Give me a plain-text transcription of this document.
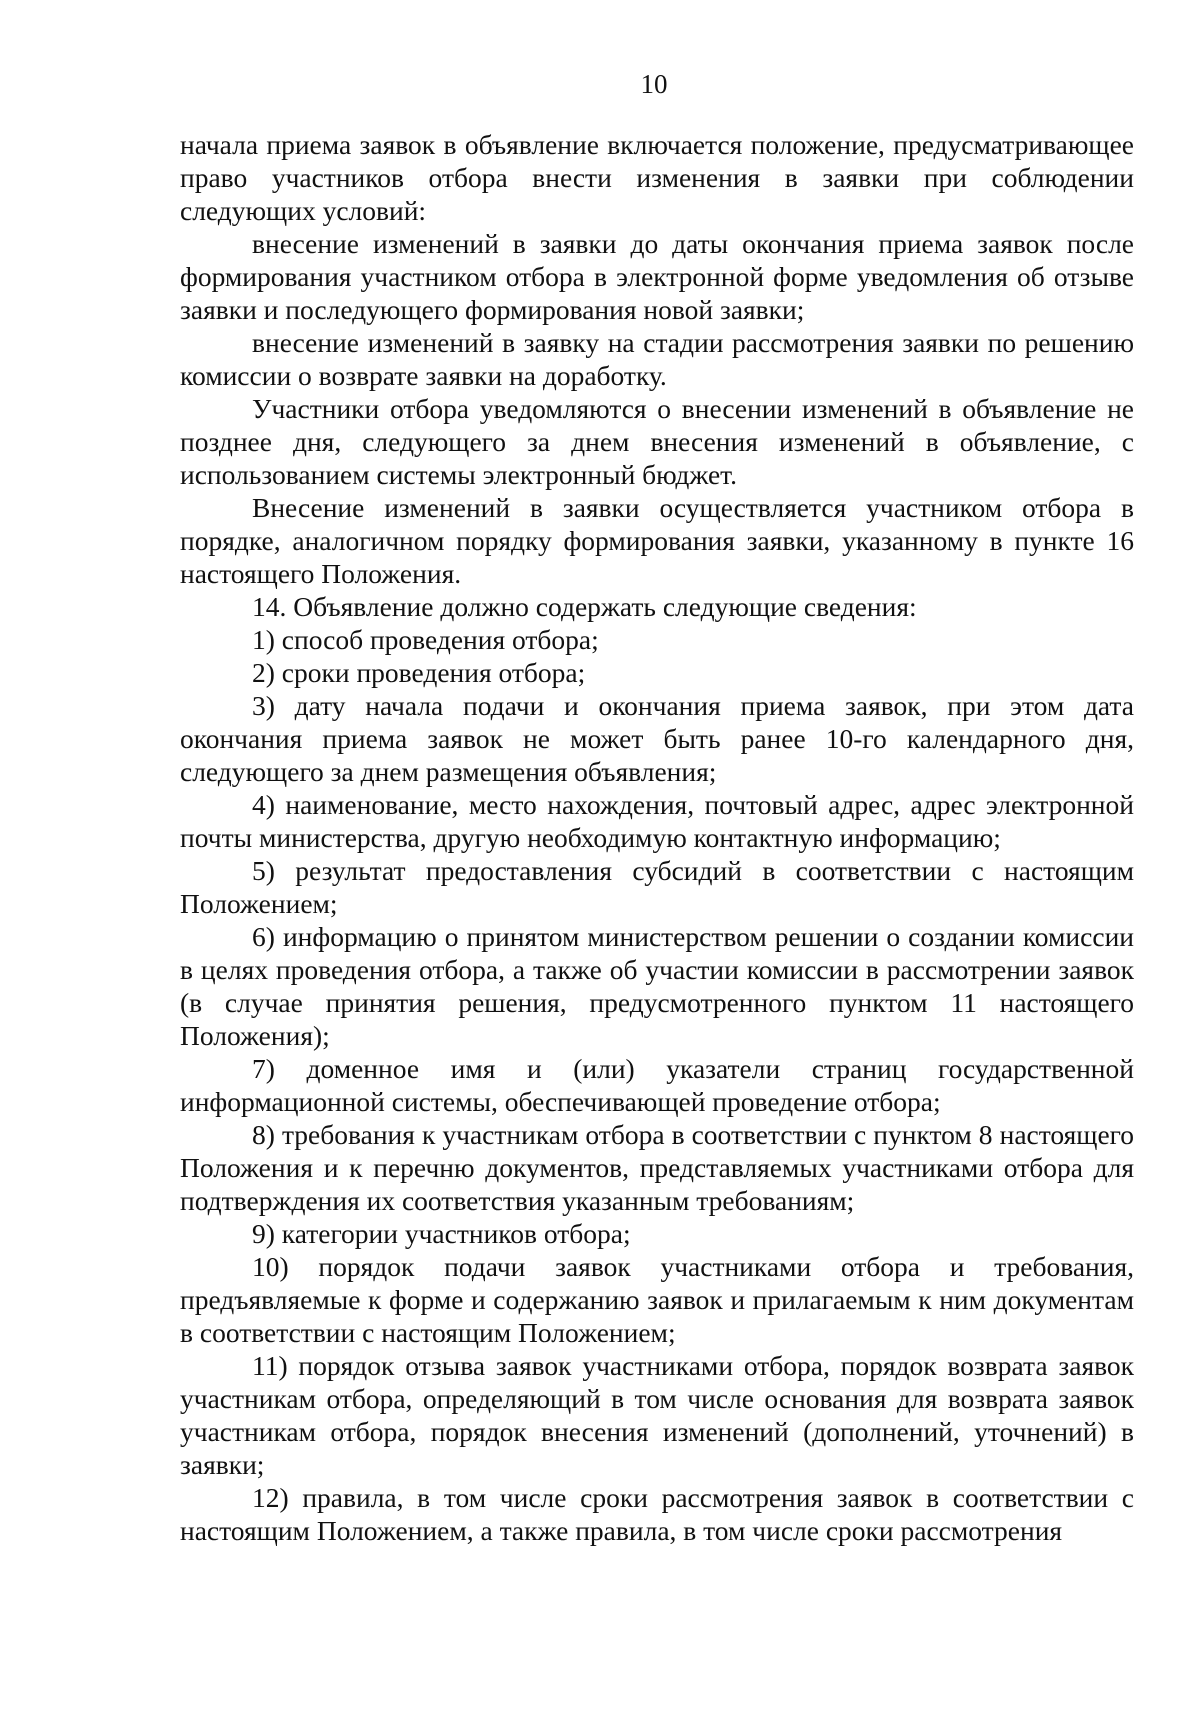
10

начала приема заявок в объявление включается положение, предусматривающее право участников отбора внести изменения в заявки при соблюдении следующих условий:

внесение изменений в заявки до даты окончания приема заявок после формирования участником отбора в электронной форме уведомления об отзыве заявки и последующего формирования новой заявки;

внесение изменений в заявку на стадии рассмотрения заявки по решению комиссии о возврате заявки на доработку.

Участники отбора уведомляются о внесении изменений в объявление не позднее дня, следующего за днем внесения изменений в объявление, с использованием системы электронный бюджет.

Внесение изменений в заявки осуществляется участником отбора в порядке, аналогичном порядку формирования заявки, указанному в пункте 16 настоящего Положения.

14. Объявление должно содержать следующие сведения:

1) способ проведения отбора;

2) сроки проведения отбора;

3) дату начала подачи и окончания приема заявок, при этом дата окончания приема заявок не может быть ранее 10-го календарного дня, следующего за днем размещения объявления;

4) наименование, место нахождения, почтовый адрес, адрес электронной почты министерства, другую необходимую контактную информацию;

5) результат предоставления субсидий в соответствии с настоящим Положением;

6) информацию о принятом министерством решении о создании комиссии в целях проведения отбора, а также об участии комиссии в рассмотрении заявок (в случае принятия решения, предусмотренного пунктом 11 настоящего Положения);

7) доменное имя и (или) указатели страниц государственной информационной системы, обеспечивающей проведение отбора;

8) требования к участникам отбора в соответствии с пунктом 8 настоящего Положения и к перечню документов, представляемых участниками отбора для подтверждения их соответствия указанным требованиям;

9) категории участников отбора;

10) порядок подачи заявок участниками отбора и требования, предъявляемые к форме и содержанию заявок и прилагаемым к ним документам в соответствии с настоящим Положением;

11) порядок отзыва заявок участниками отбора, порядок возврата заявок участникам отбора, определяющий в том числе основания для возврата заявок участникам отбора, порядок внесения изменений (дополнений, уточнений) в заявки;

12) правила, в том числе сроки рассмотрения заявок в соответствии с настоящим Положением, а также правила, в том числе сроки рассмотрения
